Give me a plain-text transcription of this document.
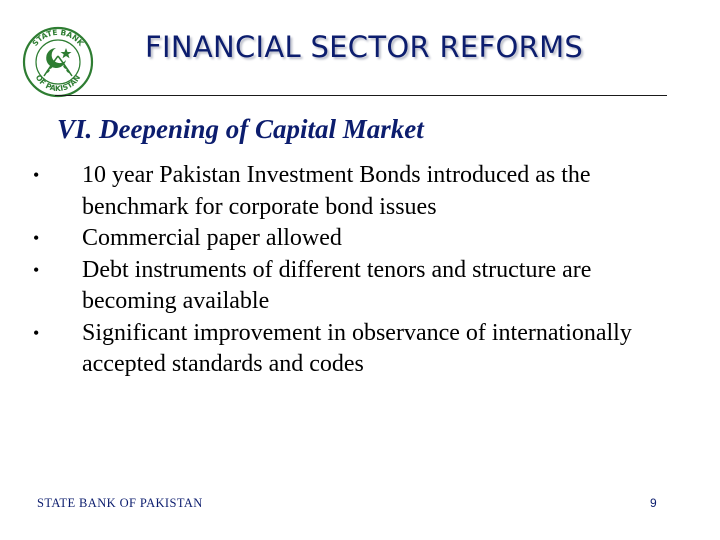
STATE BANK
OF PAKISTAN
FINANCIAL SECTOR REFORMS
VI. Deepening of Capital Market
• 10 year Pakistan Investment Bonds introduced as the benchmark for corporate bond issues
• Commercial paper allowed
• Debt instruments of different tenors and structure are becoming available
• Significant improvement in observance of internationally accepted standards and codes
STATE BANK OF PAKISTAN	9
